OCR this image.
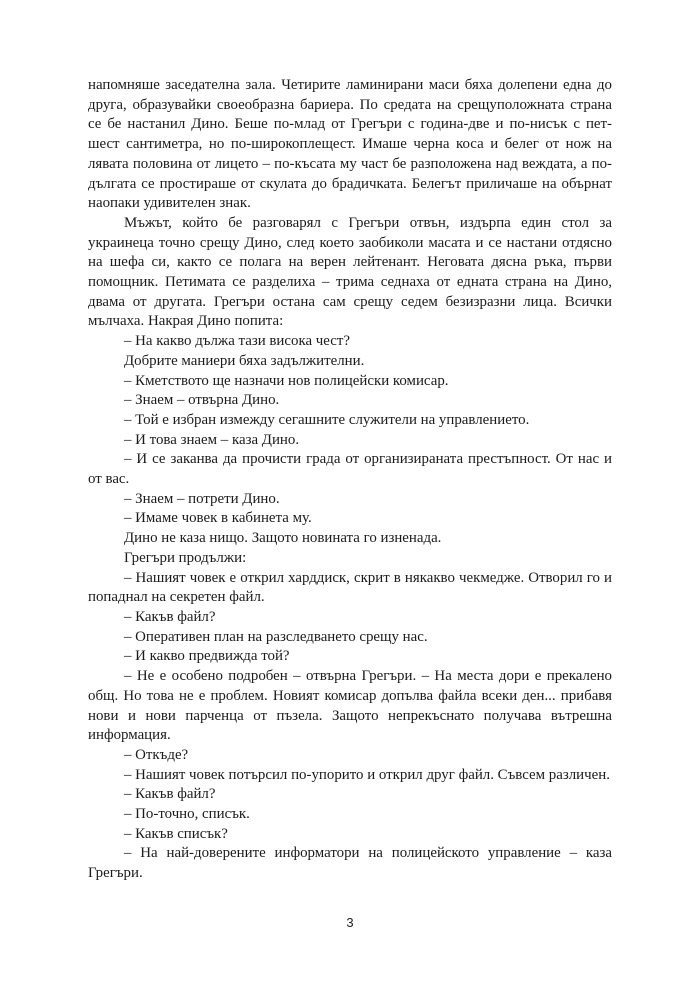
напомняше заседателна зала. Четирите ламинирани маси бяха долепени една до друга, образувайки своеобразна бариера. По средата на срещуположната страна се бе настанил Дино. Беше по-млад от Грегъри с година-две и по-нисък с пет-шест сантиметра, но по-широкоплещест. Имаше черна коса и белег от нож на лявата половина от лицето – по-късата му част бе разположена над веждата, а по-дългата се простираше от скулата до брадичката. Белегът приличаше на обърнат наопаки удивителен знак.

Мъжът, който бе разговарял с Грегъри отвън, издърпа един стол за украинеца точно срещу Дино, след което заобиколи масата и се настани отдясно на шефа си, както се полага на верен лейтенант. Неговата дясна ръка, първи помощник. Петимата се разделиха – трима седнаха от едната страна на Дино, двама от другата. Грегъри остана сам срещу седем безизразни лица. Всички мълчаха. Накрая Дино попита:

– На какво дължа тази висока чест?

Добрите маниери бяха задължителни.

– Кметството ще назначи нов полицейски комисар.

– Знаем – отвърна Дино.

– Той е избран измежду сегашните служители на управлението.

– И това знаем – каза Дино.

– И се заканва да прочисти града от организираната престъпност. От нас и от вас.

– Знаем – потрети Дино.

– Имаме човек в кабинета му.

Дино не каза нищо. Защото новината го изненада.

Грегъри продължи:

– Нашият човек е открил харддиск, скрит в някакво чекмедже. Отворил го и попаднал на секретен файл.

– Какъв файл?

– Оперативен план на разследването срещу нас.

– И какво предвижда той?

– Не е особено подробен – отвърна Грегъри. – На места дори е прекалено общ. Но това не е проблем. Новият комисар допълва файла всеки ден... прибавя нови и нови парченца от пъзела. Защото непрекъснато получава вътрешна информация.

– Откъде?

– Нашият човек потърсил по-упорито и открил друг файл. Съвсем различен.

– Какъв файл?

– По-точно, списък.

– Какъв списък?

– На най-доверените информатори на полицейското управление – каза Грегъри.

3
